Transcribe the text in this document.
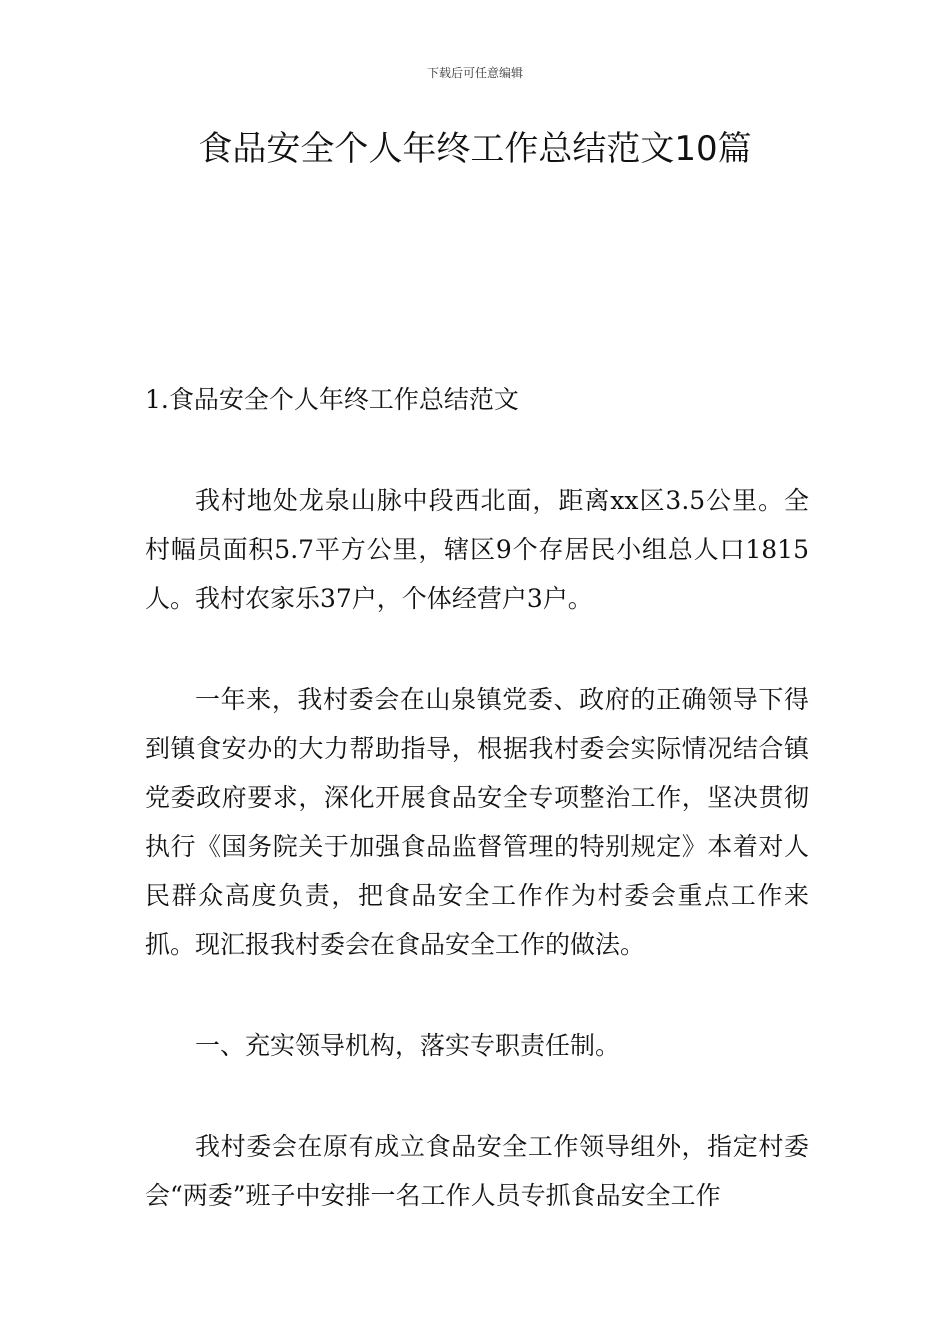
下载后可任意编辑
食品安全个人年终工作总结范文10篇
1.食品安全个人年终工作总结范文

我村地处龙泉山脉中段西北面，距离xx区3.5公里。全村幅员面积5.7平方公里，辖区9个存居民小组总人口1815人。我村农家乐37户，个体经营户3户。

一年来，我村委会在山泉镇党委、政府的正确领导下得到镇食安办的大力帮助指导，根据我村委会实际情况结合镇党委政府要求，深化开展食品安全专项整治工作，坚决贯彻执行《国务院关于加强食品监督管理的特别规定》本着对人民群众高度负责，把食品安全工作作为村委会重点工作来抓。现汇报我村委会在食品安全工作的做法。

一、充实领导机构，落实专职责任制。

我村委会在原有成立食品安全工作领导组外，指定村委会“两委”班子中安排一名工作人员专抓食品安全工作
